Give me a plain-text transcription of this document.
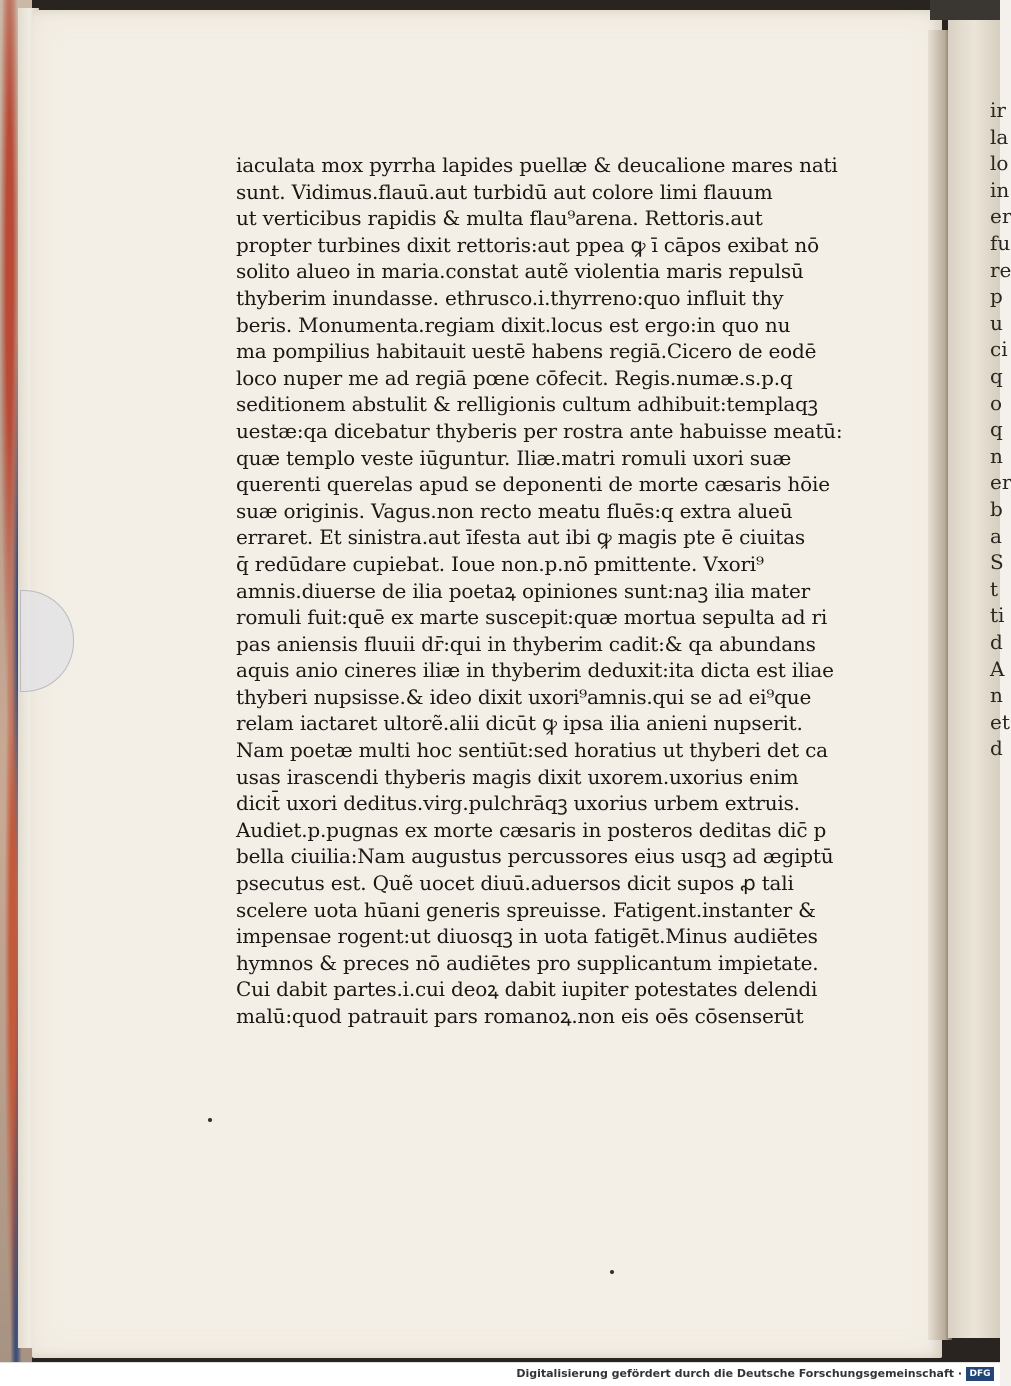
ir
la
lo
in
er
fu
re
p
u
ci
q
o
q
n
er
b
a
S
t
ti
d
A
n
et
d
iaculata mox pyrrha lapides puellæ & deucalione mares nati
sunt. Vidimus.flauū.aut turbidū aut colore limi flauum
ut verticibus rapidis & multa flau⁹arena. Rettoris.aut
propter turbines dixit rettoris:aut ppea ꝙ ī cāpos exibat nō
solito alueo in maria.constat autẽ violentia maris repulsū
thyberim inundasse. ethrusco.i.thyrreno:quo influit thy
beris. Monumenta.regiam dixit.locus est ergo:in quo nu
ma pompilius habitauit uestē habens regiā.Cicero de eodē
loco nuper me ad regiā pœne cōfecit. Regis.numæ.s.p.q
seditionem abstulit & relligionis cultum adhibuit:templaqꝫ
uestæ:qa dicebatur thyberis per rostra ante habuisse meatū:
quæ templo veste iūguntur. Iliæ.matri romuli uxori suæ
querenti querelas apud se deponenti de morte cæsaris hōie
suæ originis. Vagus.non recto meatu fluēs:q extra alueū
erraret. Et sinistra.aut īfesta aut ibi ꝙ magis pte ē ciuitas
q̄ redūdare cupiebat. Ioue non.p.nō pmittente. Vxori⁹
amnis.diuerse de ilia poetaꝝ opiniones sunt:naꝫ ilia mater
romuli fuit:quē ex marte suscepit:quæ mortua sepulta ad ri
pas aniensis fluuii dr̄:qui in thyberim cadit:& qa abundans
aquis anio cineres iliæ in thyberim deduxit:ita dicta est iliae
thyberi nupsisse.& ideo dixit uxori⁹amnis.qui se ad ei⁹que
relam iactaret ultorẽ.alii dicūt ꝙ ipsa ilia anieni nupserit.
Nam poetæ multi hoc sentiūt:sed horatius ut thyberi det ca
usas irascendi thyberis magis dixit uxorem.uxorius enim
dicit̄ uxori deditus.virg.pulchrāqꝫ uxorius urbem extruis.
Audiet.p.pugnas ex morte cæsaris in posteros deditas dic̄ p
bella ciuilia:Nam augustus percussores eius usqꝫ ad ægiptū
psecutus est. Quẽ uocet diuū.aduersos dicit supos ꝓ tali
scelere uota hūani generis spreuisse. Fatigent.instanter &
impensae rogent:ut diuosqꝫ in uota fatigēt.Minus audiētes
hymnos & preces nō audiētes pro supplicantum impietate.
Cui dabit partes.i.cui deoꝝ dabit iupiter potestates delendi
malū:quod patrauit pars romanoꝝ.non eis oēs cōsenserūt
Digitalisierung gefördert durch die Deutsche Forschungsgemeinschaft · DFG
